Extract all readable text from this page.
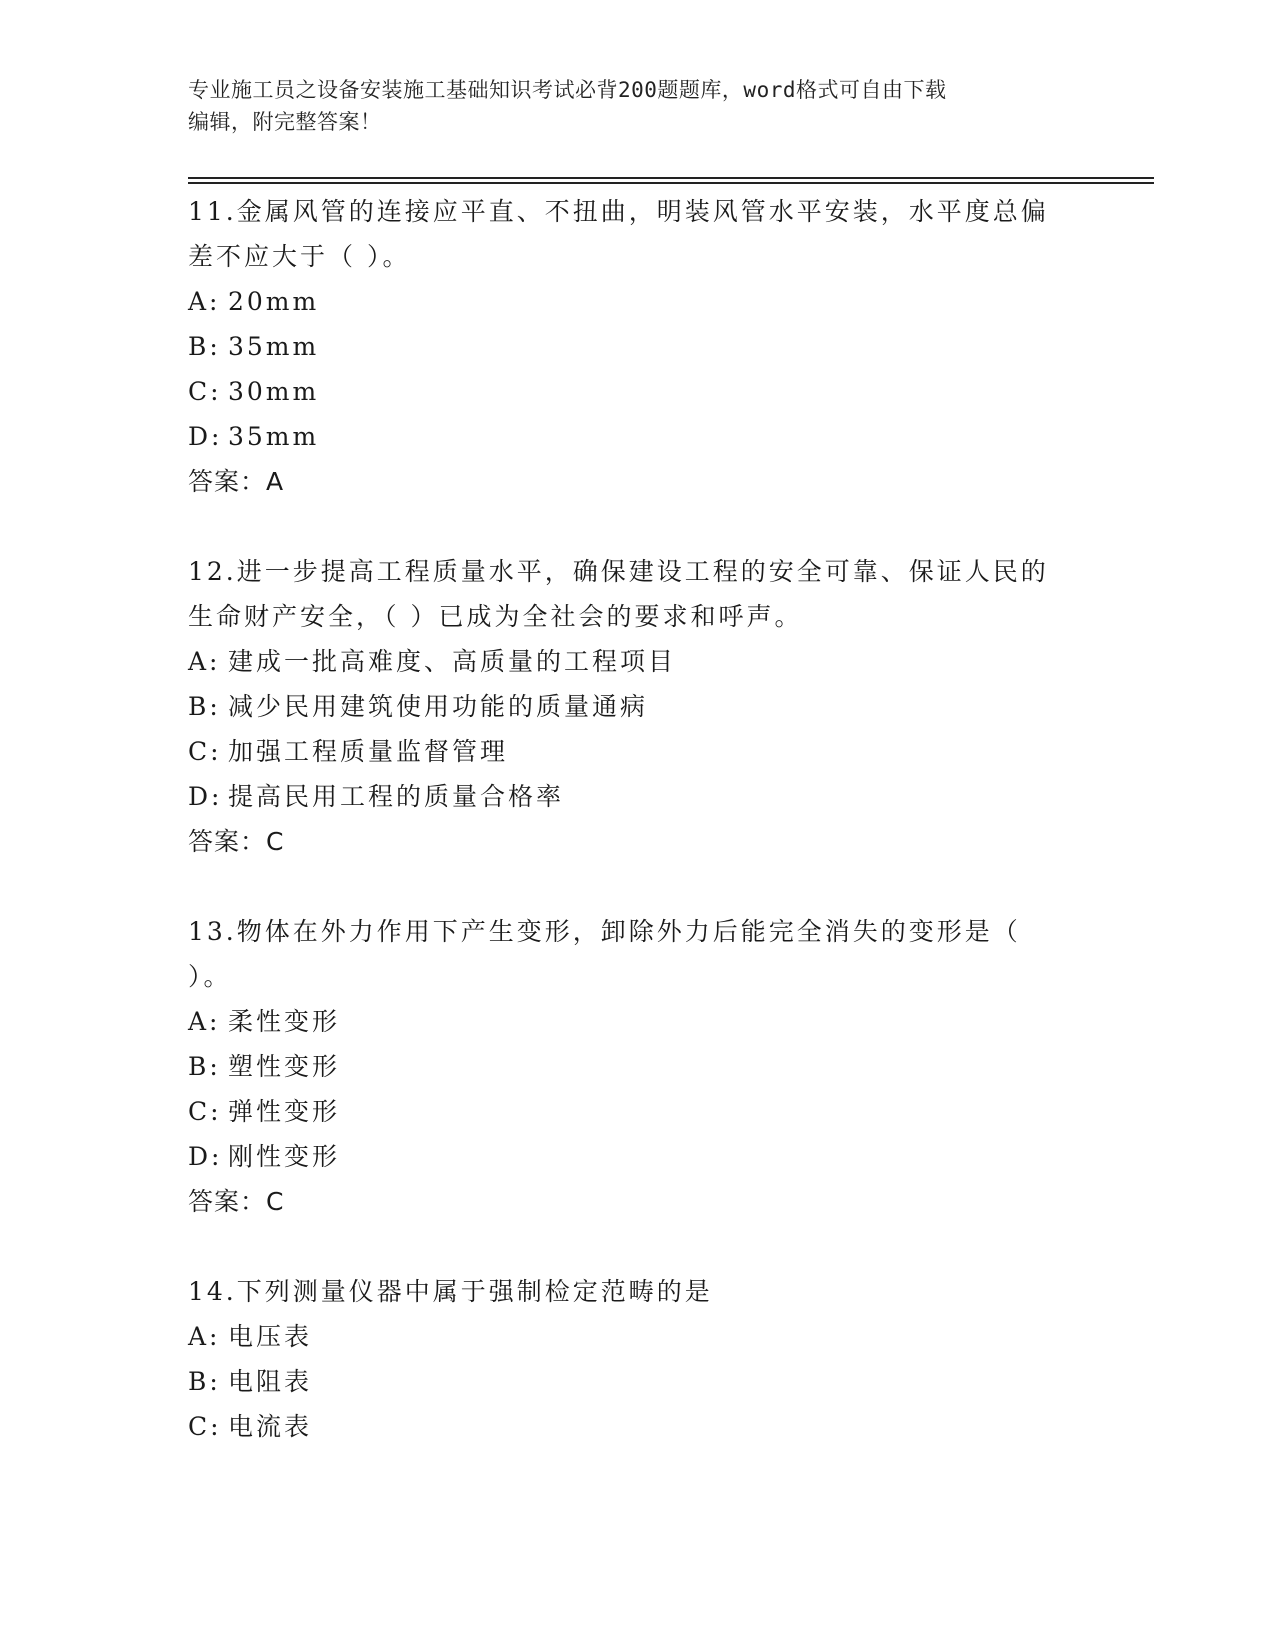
专业施工员之设备安装施工基础知识考试必背200题题库，word格式可自由下载
编辑，附完整答案！
11.金属风管的连接应平直、不扭曲，明装风管水平安装，水平度总偏
差不应大于（ ）。
A: 20mm
B: 35mm
C: 30mm
D: 35mm
答案：A
12.进一步提高工程质量水平，确保建设工程的安全可靠、保证人民的
生命财产安全，（ ）已成为全社会的要求和呼声。
A: 建成一批高难度、高质量的工程项目
B: 减少民用建筑使用功能的质量通病
C: 加强工程质量监督管理
D: 提高民用工程的质量合格率
答案：C
13.物体在外力作用下产生变形，卸除外力后能完全消失的变形是（
）。
A: 柔性变形
B: 塑性变形
C: 弹性变形
D: 刚性变形
答案：C
14.下列测量仪器中属于强制检定范畴的是
A: 电压表
B: 电阻表
C: 电流表
